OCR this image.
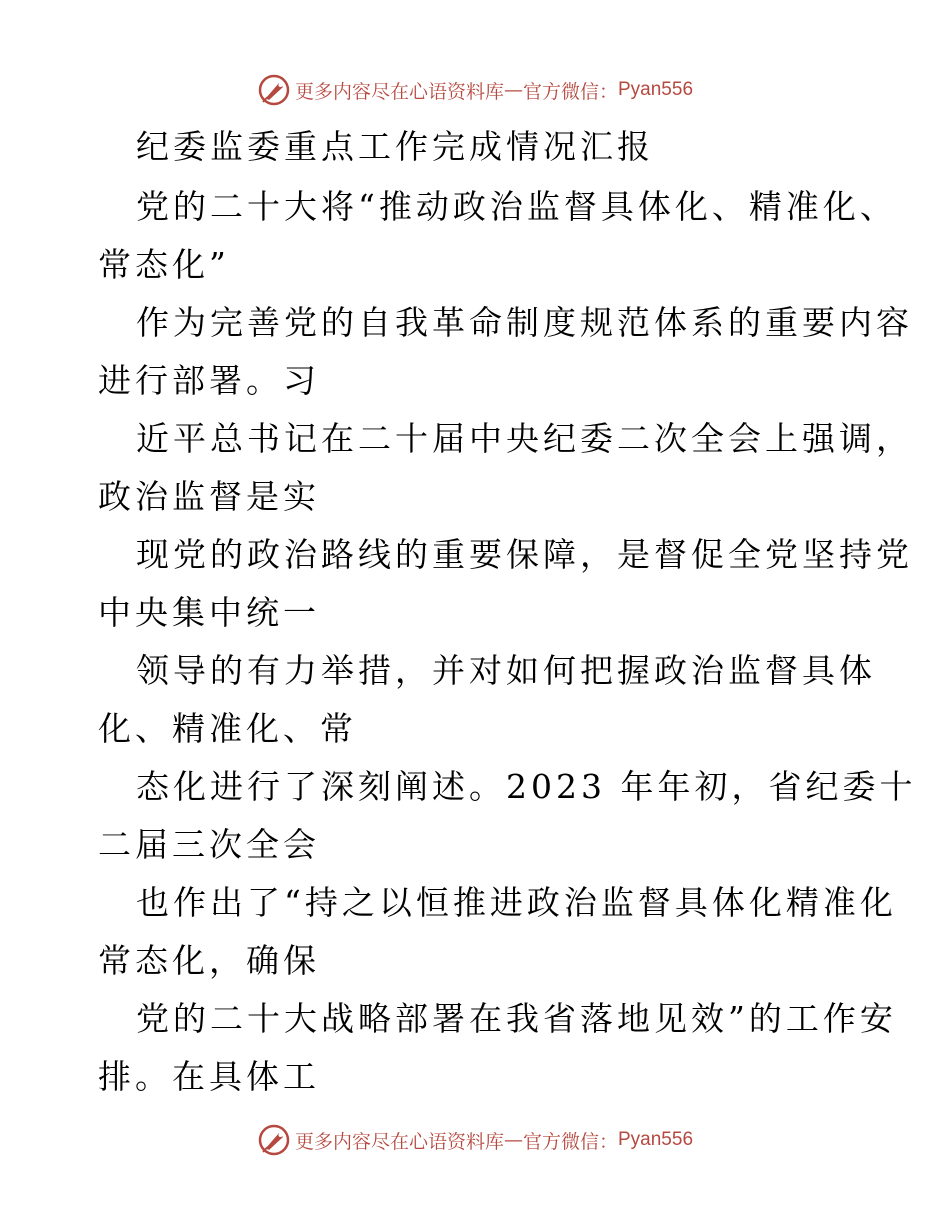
更多内容尽在心语资料库 — 官方微信： Pyan556
纪委监委重点工作完成情况汇报
党的二十大将“推动政治监督具体化、精准化、
常态化”
作为完善党的自我革命制度规范体系的重要内容
进行部署。习
近平总书记在二十届中央纪委二次全会上强调，
政治监督是实
现党的政治路线的重要保障，是督促全党坚持党
中央集中统一
领导的有力举措，并对如何把握政治监督具体
化、精准化、常
态化进行了深刻阐述。2023 年年初，省纪委十
二届三次全会
也作出了“持之以恒推进政治监督具体化精准化
常态化，确保
党的二十大战略部署在我省落地见效”的工作安
排。在具体工
更多内容尽在心语资料库 — 官方微信： Pyan556
